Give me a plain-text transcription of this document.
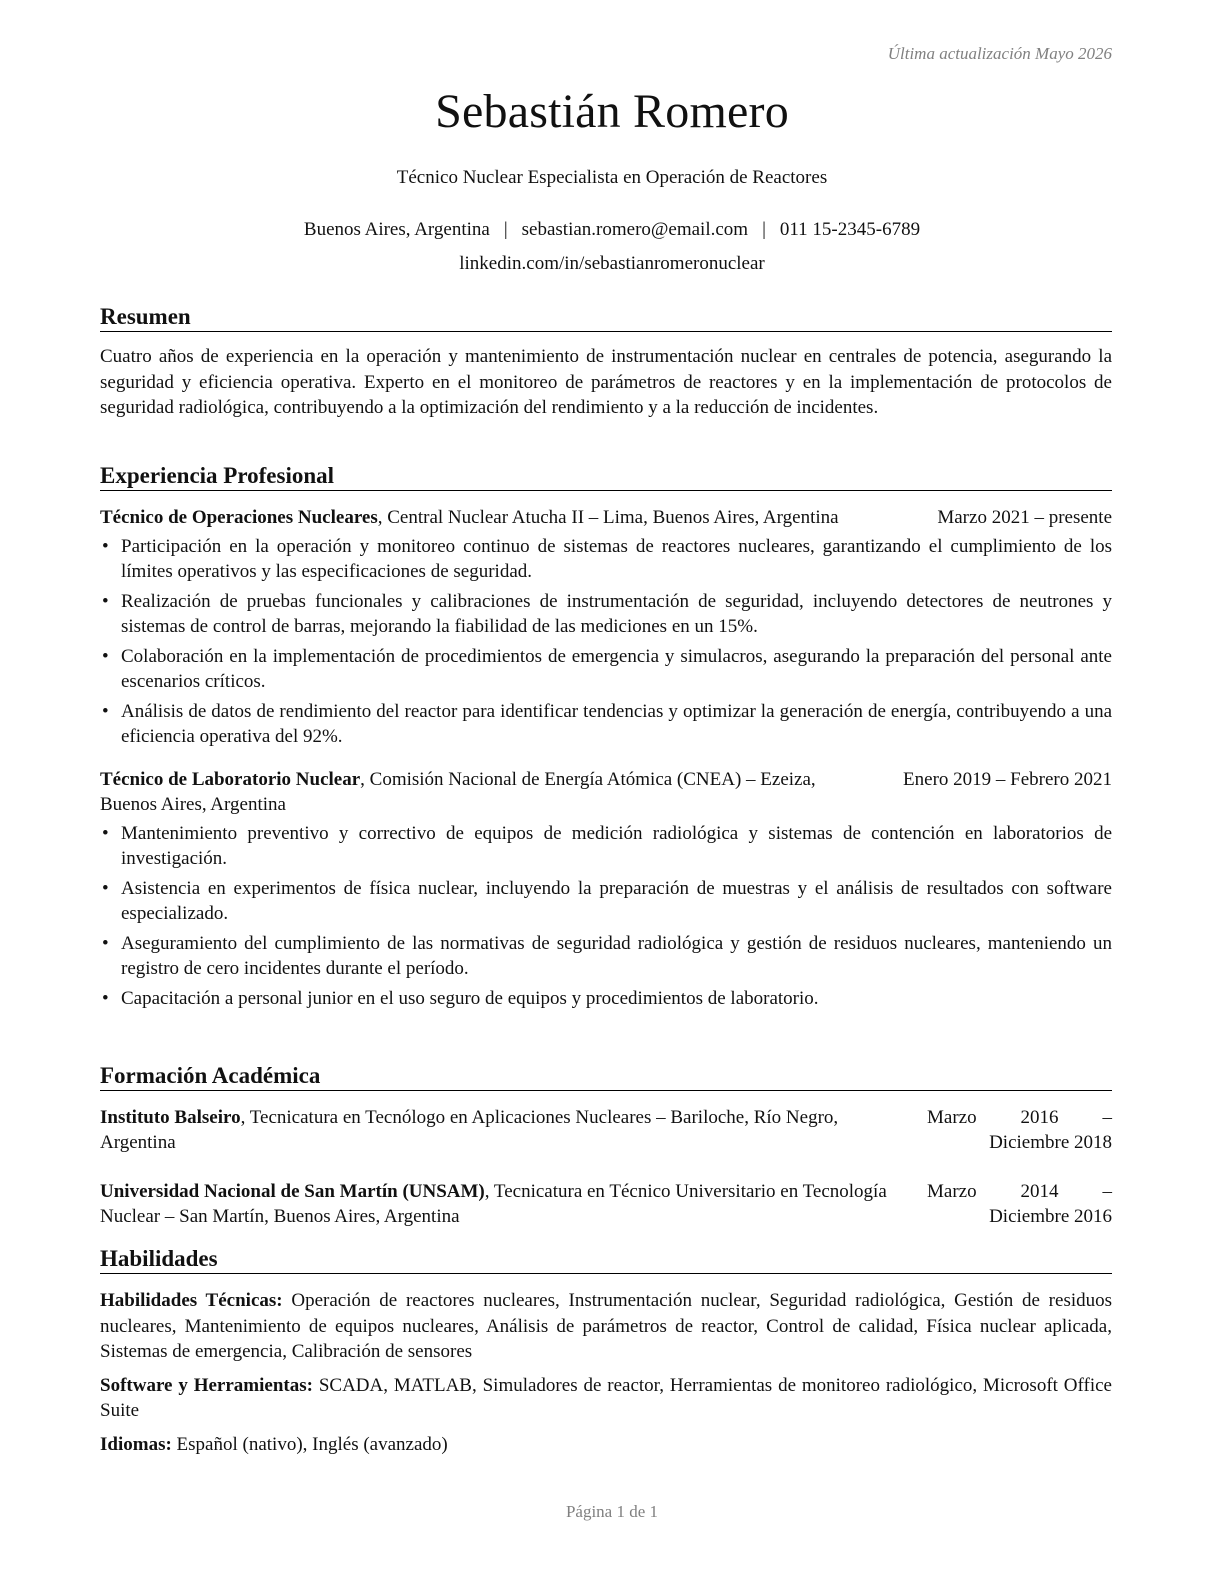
Última actualización Mayo 2026
Sebastián Romero
Técnico Nuclear Especialista en Operación de Reactores
Buenos Aires, Argentina | sebastian.romero@email.com | 011 15-2345-6789
linkedin.com/in/sebastianromeronuclear
Resumen
Cuatro años de experiencia en la operación y mantenimiento de instrumentación nuclear en centrales de potencia, asegurando la seguridad y eficiencia operativa. Experto en el monitoreo de parámetros de reactores y en la implementación de protocolos de seguridad radiológica, contribuyendo a la optimización del rendimiento y a la reducción de incidentes.
Experiencia Profesional
Técnico de Operaciones Nucleares, Central Nuclear Atucha II – Lima, Buenos Aires, Argentina	Marzo 2021 – presente
• Participación en la operación y monitoreo continuo de sistemas de reactores nucleares, garantizando el cumplimiento de los límites operativos y las especificaciones de seguridad.
• Realización de pruebas funcionales y calibraciones de instrumentación de seguridad, incluyendo detectores de neutrones y sistemas de control de barras, mejorando la fiabilidad de las mediciones en un 15%.
• Colaboración en la implementación de procedimientos de emergencia y simulacros, asegurando la preparación del personal ante escenarios críticos.
• Análisis de datos de rendimiento del reactor para identificar tendencias y optimizar la generación de energía, contribuyendo a una eficiencia operativa del 92%.
Técnico de Laboratorio Nuclear, Comisión Nacional de Energía Atómica (CNEA) – Ezeiza, Buenos Aires, Argentina
Enero 2019 – Febrero 2021
• Mantenimiento preventivo y correctivo de equipos de medición radiológica y sistemas de contención en laboratorios de investigación.
• Asistencia en experimentos de física nuclear, incluyendo la preparación de muestras y el análisis de resultados con software especializado.
• Aseguramiento del cumplimiento de las normativas de seguridad radiológica y gestión de residuos nucleares, manteniendo un registro de cero incidentes durante el período.
• Capacitación a personal junior en el uso seguro de equipos y procedimientos de laboratorio.
Formación Académica
Instituto Balseiro, Tecnicatura en Tecnólogo en Aplicaciones Nucleares – Bariloche, Río Negro, Argentina
Marzo 2016 – Diciembre 2018
Universidad Nacional de San Martín (UNSAM), Tecnicatura en Técnico Universitario en Tecnología Nuclear – San Martín, Buenos Aires, Argentina
Marzo 2014 – Diciembre 2016
Habilidades
Habilidades Técnicas: Operación de reactores nucleares, Instrumentación nuclear, Seguridad radiológica, Gestión de residuos nucleares, Mantenimiento de equipos nucleares, Análisis de parámetros de reactor, Control de calidad, Física nuclear aplicada, Sistemas de emergencia, Calibración de sensores
Software y Herramientas: SCADA, MATLAB, Simuladores de reactor, Herramientas de monitoreo radiológico, Microsoft Office Suite
Idiomas: Español (nativo), Inglés (avanzado)
Página 1 de 1
